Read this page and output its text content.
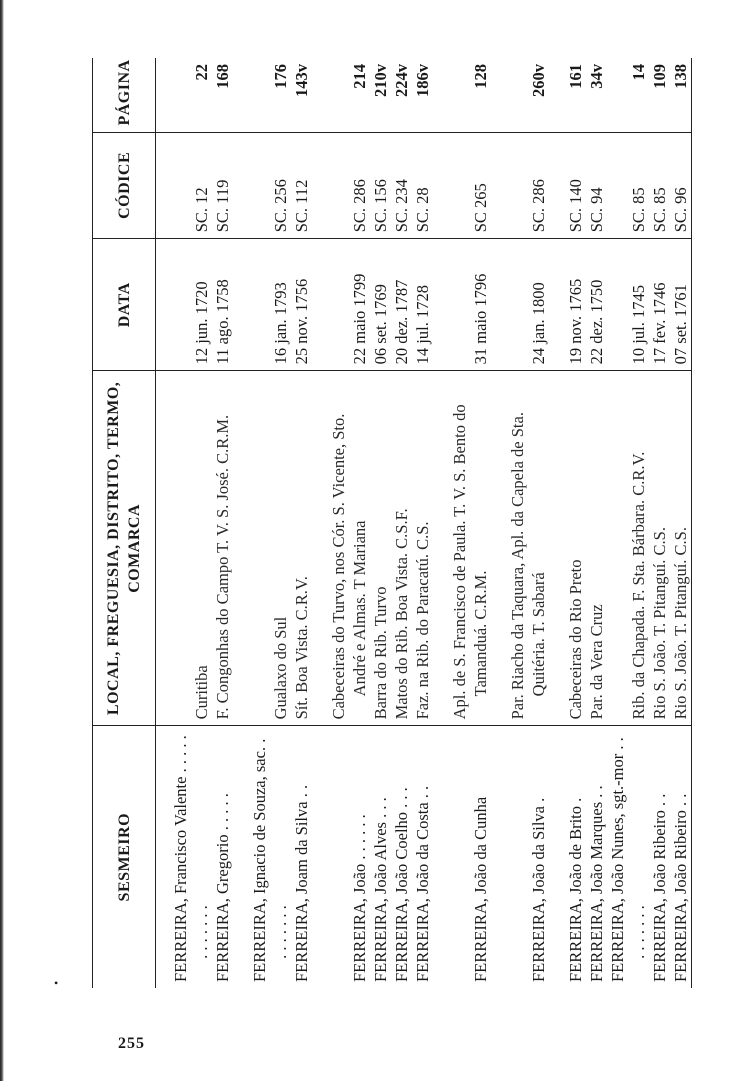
•
SESMEIRO	LOCAL, FREGUESIA, DISTRITO, TERMO, COMARCA	DATA	CÓDICE	PÁGINA

FERREIRA, Francisco Valente . . . . . . . . . . . .	Curitiba	12 jun. 1720	SC. 12	22

FERREIRA, Gregorio . . . . .	F. Congonhas do Campo T. V. S. José. C.R.M.	11 ago. 1758	SC. 119	168

FERREIRA, Ignacio de Souza, sac. . . . . . . . .	Gualaxo do Sul	16 jan. 1793	SC. 256	176

FERREIRA, Joam da Silva . .	Sít. Boa Vista. C.R.V.	25 nov. 1756	SC. 112	143v

FERREIRA, João . . . . . .	Cabeceiras do Turvo, nos Cór. S. Vicente, Sto. André e Almas. T Mariana	22 maio 1799	SC. 286	214

FERREIRA, João Alves . . .	Barra do Rib. Turvo	06 set. 1769	SC. 156	210v

FERREIRA, João Coelho . . .	Matos do Rib. Boa Vista. C.S.F.	20 dez. 1787	SC. 234	224v

FERREIRA, João da Costa . .	Faz. na Rib. do Paracatú. C.S.	14 jul. 1728	SC. 28	186v

FERREIRA, João da Cunha	Apl. de S. Francisco de Paula. T. V. S. Bento do Tamanduá. C.R.M.	31 maio 1796	SC 265	128

FERREIRA, João da Silva .	Par. Riacho da Taquara, Apl. da Capela de Sta. Quitéria. T. Sabará	24 jan. 1800	SC. 286	260v

FERREIRA, João de Brito .	Cabeceiras do Rio Preto	19 nov. 1765	SC. 140	161

FERREIRA, João Marques . .	Par. da Vera Cruz	22 dez. 1750	SC. 94	34v

FERREIRA, João Nunes, sgt.-mor . . . . . . . . .	Rib. da Chapada. F. Sta. Bárbara. C.R.V.	10 jul. 1745	SC. 85	14

FERREIRA, João Ribeiro . .	Rio S. João. T. Pitanguí. C.S.	17 fev. 1746	SC. 85	109

FERREIRA, João Ribeiro . .	Rio S. João. T. Pitanguí. C.S.	07 set. 1761	SC. 96	138
255
